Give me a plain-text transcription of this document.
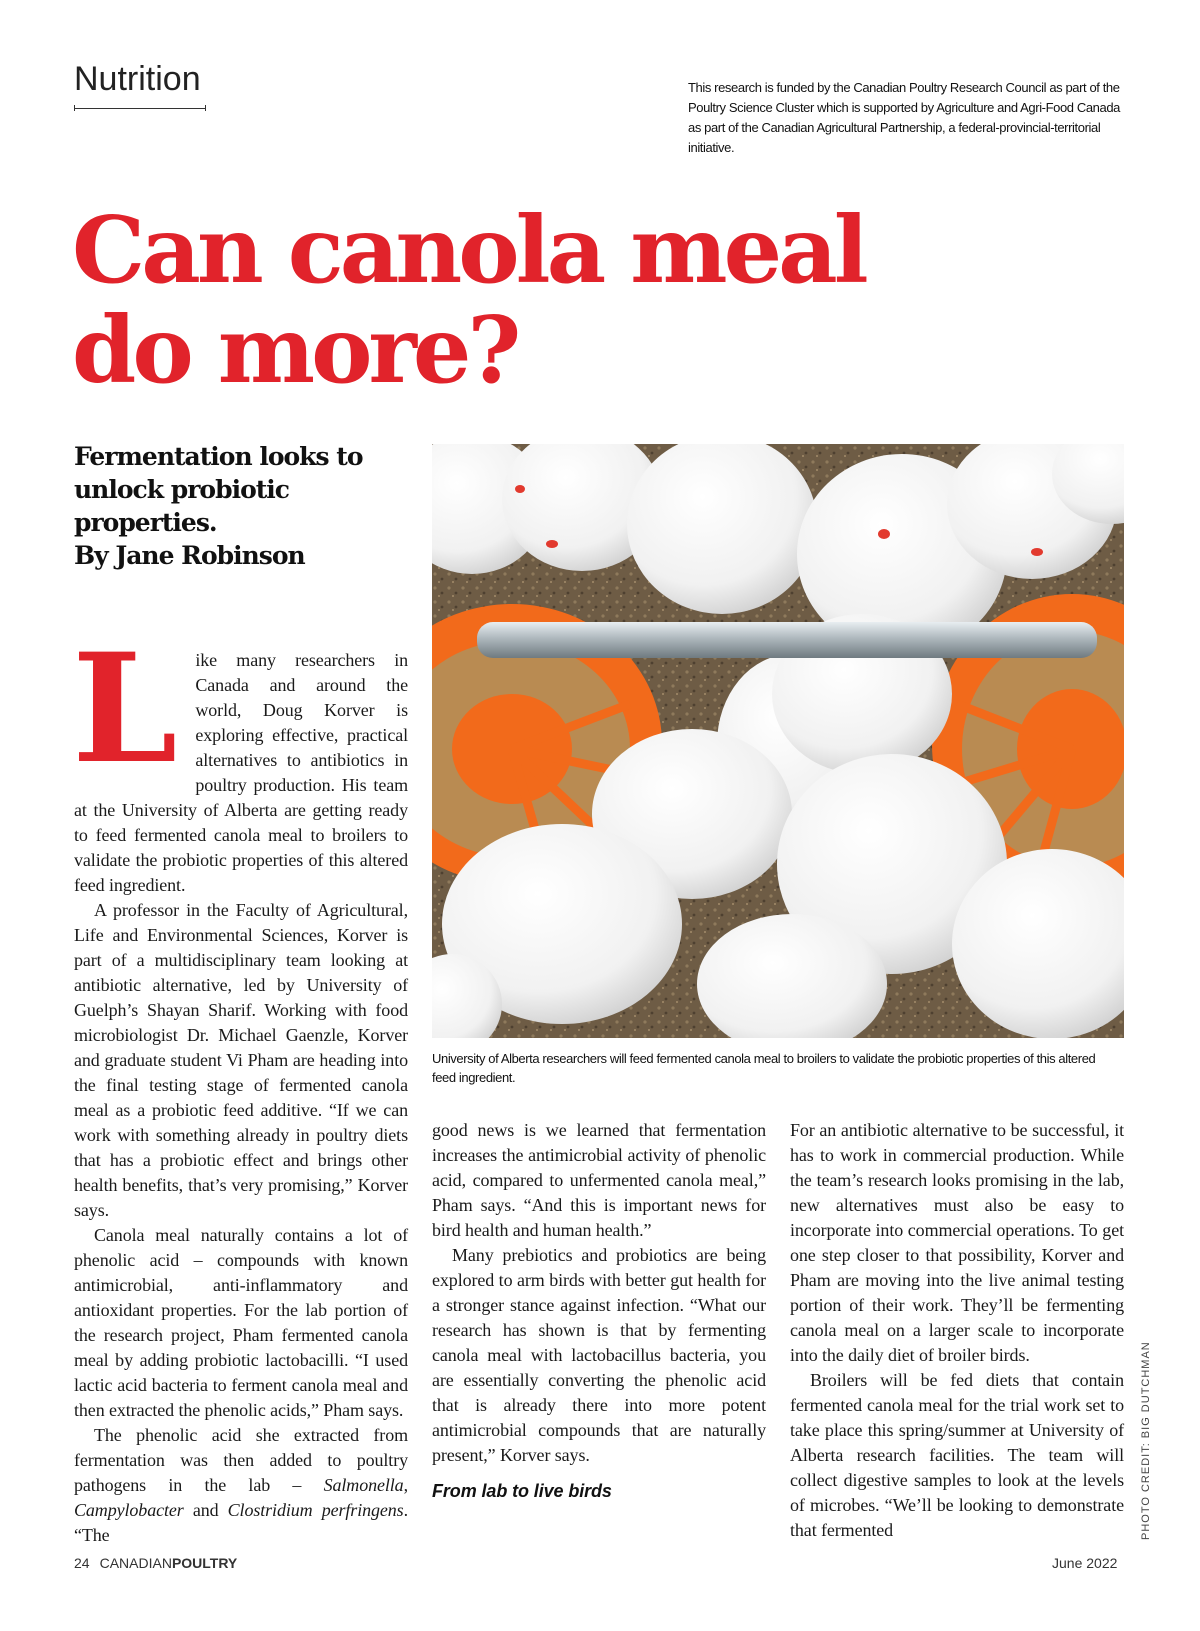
Nutrition	This research is funded by the Canadian Poultry Research Council as part of the Poultry Science Cluster which is supported by Agriculture and Agri-Food Canada as part of the Canadian Agricultural Partnership, a federal-provincial-territorial initiative.
Can canola meal
do more?
Fermentation looks to unlock probiotic properties.
By Jane Robinson
University of Alberta researchers will feed fermented canola meal to broilers to validate the probiotic properties of this altered feed ingredient.
L	ike many researchers in Canada and around the world, Doug Korver is exploring effective, practical alternatives to antibiotics in poultry production. His team at the University of Alberta are getting ready to feed fermented canola meal to broilers to validate the probiotic properties of this altered feed ingredient.

A professor in the Faculty of Agricultural, Life and Environmental Sciences, Korver is part of a multidisciplinary team looking at antibiotic alternative, led by University of Guelph’s Shayan Sharif. Working with food microbiologist Dr. Michael Gaenzle, Korver and graduate student Vi Pham are heading into the final testing stage of fermented canola meal as a probiotic feed additive. “If we can work with something already in poultry diets that has a probiotic effect and brings other health benefits, that’s very promising,” Korver says.

Canola meal naturally contains a lot of phenolic acid – compounds with known antimicrobial, anti-inflammatory and antioxidant properties. For the lab portion of the research project, Pham fermented canola meal by adding probiotic lactobacilli. “I used lactic acid bacteria to ferment canola meal and then extracted the phenolic acids,” Pham says.

The phenolic acid she extracted from fermentation was then added to poultry pathogens in the lab – Salmonella, Campylobacter and Clostridium perfringens. “The

good news is we learned that fermentation increases the antimicrobial activity of phenolic acid, compared to unfermented canola meal,” Pham says. “And this is important news for bird health and human health.”

Many prebiotics and probiotics are being explored to arm birds with better gut health for a stronger stance against infection. “What our research has shown is that by fermenting canola meal with lactobacillus bacteria, you are essentially converting the phenolic acid that is already there into more potent antimicrobial compounds that are naturally present,” Korver says.

From lab to live birds

For an antibiotic alternative to be successful, it has to work in commercial production. While the team’s research looks promising in the lab, new alternatives must also be easy to incorporate into commercial operations. To get one step closer to that possibility, Korver and Pham are moving into the live animal testing portion of their work. They’ll be fermenting canola meal on a larger scale to incorporate into the daily diet of broiler birds.

Broilers will be fed diets that contain fermented canola meal for the trial work set to take place this spring/summer at University of Alberta research facilities. The team will collect digestive samples to look at the levels of microbes. “We’ll be looking to demonstrate that fermented	PHOTO CREDIT: BIG DUTCHMAN
24 CANADIANPOULTRY	June 2022
